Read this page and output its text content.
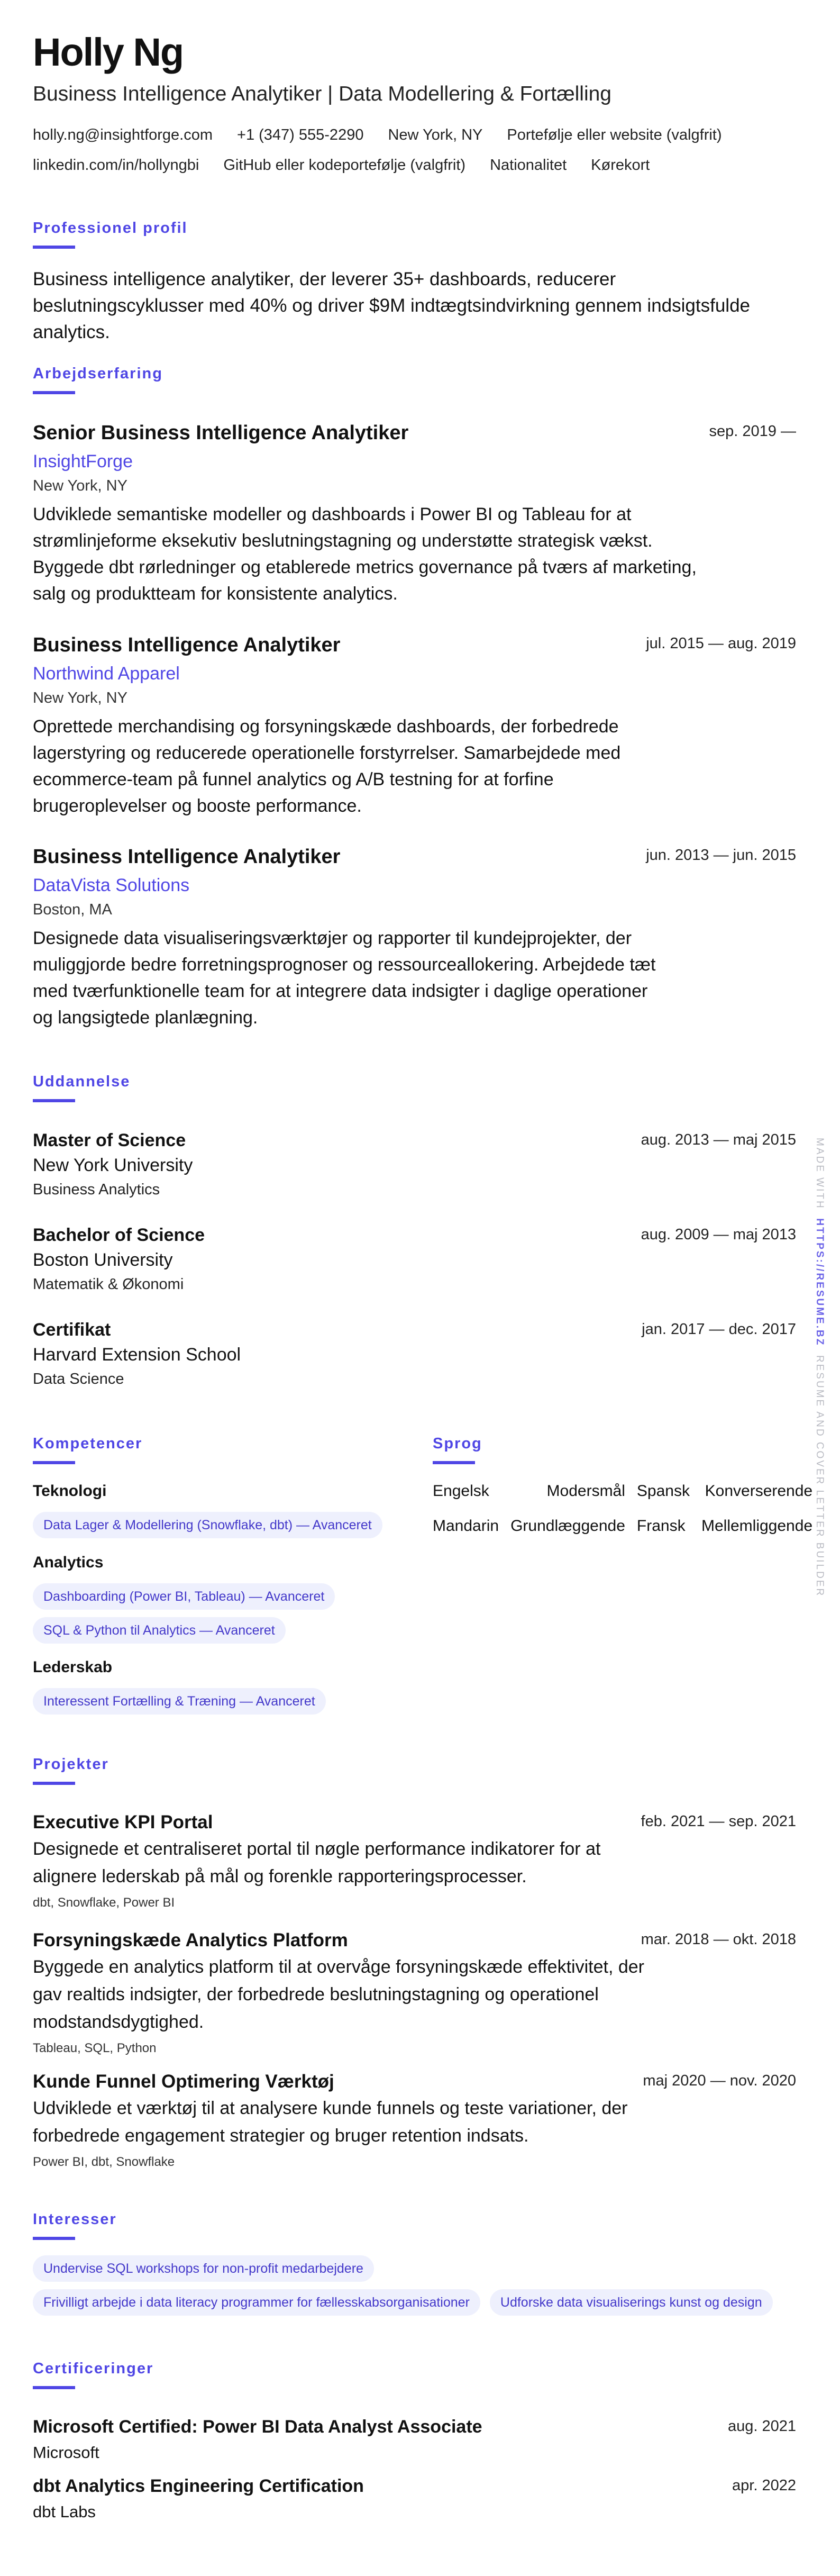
Holly Ng
Business Intelligence Analytiker | Data Modellering & Fortælling
holly.ng@insightforge.com +1 (347) 555-2290 New York, NY Portefølje eller website (valgfrit)
linkedin.com/in/hollyngbi GitHub eller kodeportefølje (valgfrit) Nationalitet Kørekort
Professionel profil
Business intelligence analytiker, der leverer 35+ dashboards, reducerer beslutningscyklusser med 40% og driver $9M indtægtsindvirkning gennem indsigtsfulde analytics.
Arbejdserfaring
Senior Business Intelligence Analytiker	sep. 2019 —
InsightForge
New York, NY
Udviklede semantiske modeller og dashboards i Power BI og Tableau for at strømlinjeforme eksekutiv beslutningstagning og understøtte strategisk vækst. Byggede dbt rørledninger og etablerede metrics governance på tværs af marketing, salg og produktteam for konsistente analytics.
Business Intelligence Analytiker	jul. 2015 — aug. 2019
Northwind Apparel
New York, NY
Oprettede merchandising og forsyningskæde dashboards, der forbedrede lagerstyring og reducerede operationelle forstyrrelser. Samarbejdede med ecommerce-team på funnel analytics og A/B testning for at forfine brugeroplevelser og booste performance.
Business Intelligence Analytiker	jun. 2013 — jun. 2015
DataVista Solutions
Boston, MA
Designede data visualiseringsværktøjer og rapporter til kundejprojekter, der muliggjorde bedre forretningsprognoser og ressourceallokering. Arbejdede tæt med tværfunktionelle team for at integrere data indsigter i daglige operationer og langsigtede planlægning.
Uddannelse
Master of Science	aug. 2013 — maj 2015
New York University
Business Analytics
Bachelor of Science	aug. 2009 — maj 2013
Boston University
Matematik & Økonomi
Certifikat	jan. 2017 — dec. 2017
Harvard Extension School
Data Science
Kompetencer
Teknologi
Data Lager & Modellering (Snowflake, dbt) — Avanceret
Analytics
Dashboarding (Power BI, Tableau) — Avanceret
SQL & Python til Analytics — Avanceret
Lederskab
Interessent Fortælling & Træning — Avanceret
Sprog
Engelsk	Modersmål Spansk Konverserende
Mandarin Grundlæggende Fransk Mellemliggende
Projekter
Executive KPI Portal	feb. 2021 — sep. 2021
Designede et centraliseret portal til nøgle performance indikatorer for at alignere lederskab på mål og forenkle rapporteringsprocesser.
dbt, Snowflake, Power BI
Forsyningskæde Analytics Platform	mar. 2018 — okt. 2018
Byggede en analytics platform til at overvåge forsyningskæde effektivitet, der gav realtids indsigter, der forbedrede beslutningstagning og operationel modstandsdygtighed.
Tableau, SQL, Python
Kunde Funnel Optimering Værktøj	maj 2020 — nov. 2020
Udviklede et værktøj til at analysere kunde funnels og teste variationer, der forbedrede engagement strategier og bruger retention indsats.
Power BI, dbt, Snowflake
Interesser
Undervise SQL workshops for non-profit medarbejdere
Frivilligt arbejde i data literacy programmer for fællesskabsorganisationer	Udforske data visualiserings kunst og design
Certificeringer
Microsoft Certified: Power BI Data Analyst Associate	aug. 2021
Microsoft
dbt Analytics Engineering Certification	apr. 2022
dbt Labs
MADE WITH  HTTPS://RESUME.BZ  RESUME AND COVER LETTER BUILDER
